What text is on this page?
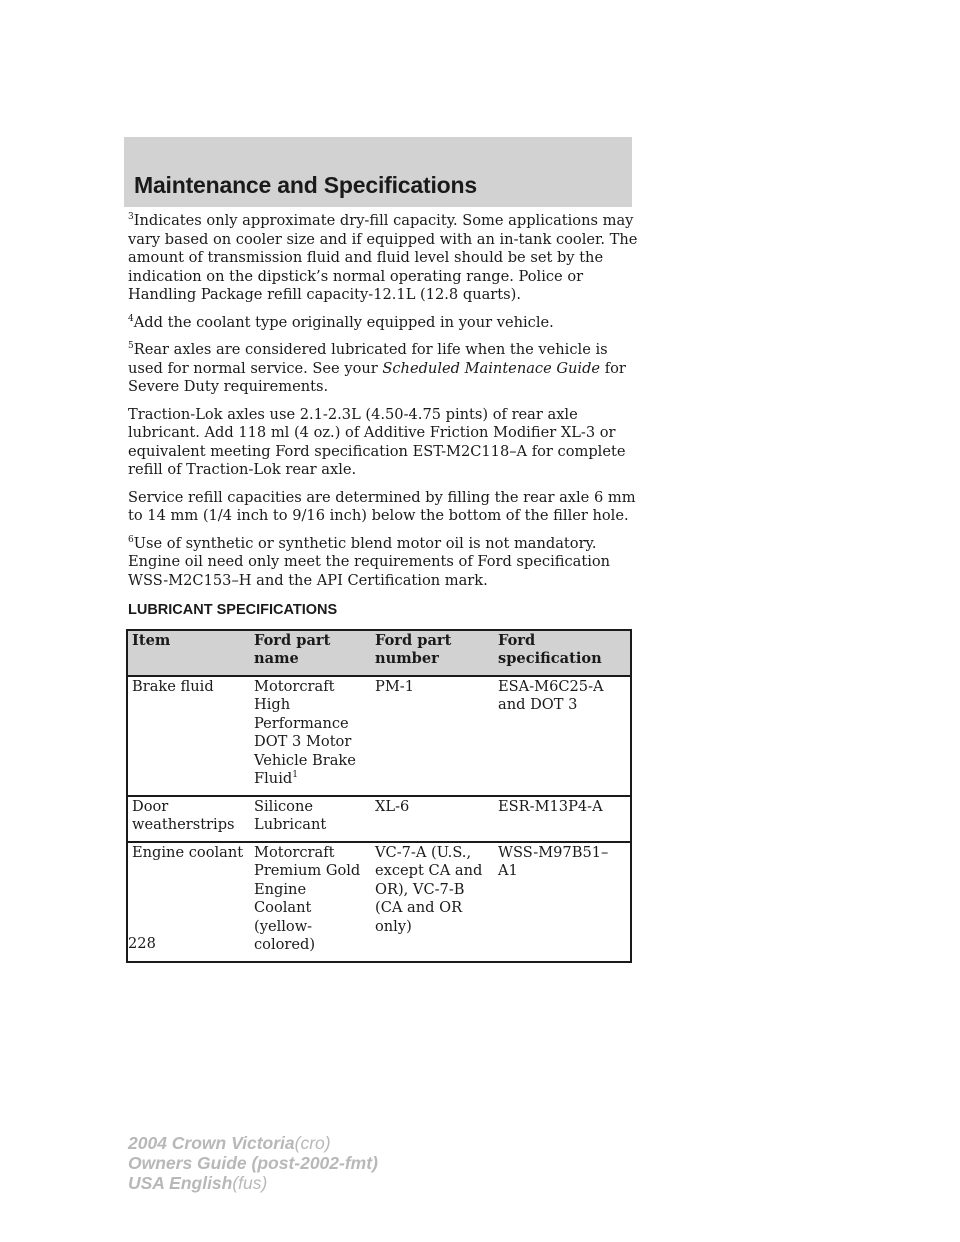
Maintenance and Specifications

$^3$Indicates only approximate dry-fill capacity. Some applications may vary based on cooler size and if equipped with an in-tank cooler. The amount of transmission fluid and fluid level should be set by the indication on the dipstick’s normal operating range. Police or Handling Package refill capacity-12.1L (12.8 quarts).

$^4$Add the coolant type originally equipped in your vehicle.

$^5$Rear axles are considered lubricated for life when the vehicle is used for normal service. See your Scheduled Maintenace Guide for Severe Duty requirements.

Traction-Lok axles use 2.1-2.3L (4.50-4.75 pints) of rear axle lubricant. Add 118 ml (4 oz.) of Additive Friction Modifier XL-3 or equivalent meeting Ford specification EST-M2C118–A for complete refill of Traction-Lok rear axle.

Service refill capacities are determined by filling the rear axle 6 mm to 14 mm (1/4 inch to 9/16 inch) below the bottom of the filler hole.

$^6$Use of synthetic or synthetic blend motor oil is not mandatory. Engine oil need only meet the requirements of Ford specification WSS-M2C153–H and the API Certification mark.

LUBRICANT SPECIFICATIONS
Item	Ford part name	Ford part number	Ford specification
Brake fluid	Motorcraft High Performance DOT 3 Motor Vehicle Brake Fluid$^1$	PM-1	ESA-M6C25-A and DOT 3
Door weatherstrips	Silicone Lubricant	XL-6	ESR-M13P4-A
Engine coolant	Motorcraft Premium Gold Engine Coolant (yellow-colored)	VC-7-A (U.S., except CA and OR), VC-7-B (CA and OR only)	WSS-M97B51–A1
228
2004 Crown Victoria(cro)
Owners Guide (post-2002-fmt)
USA English(fus)
